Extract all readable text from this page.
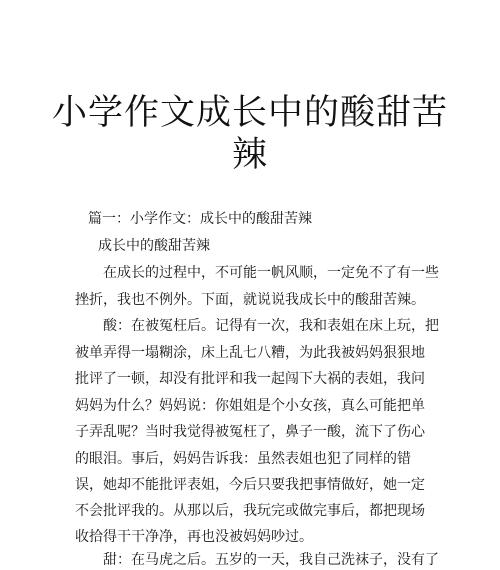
小学作文成长中的酸甜苦
辣
篇一：小学作文：成长中的酸甜苦辣
成长中的酸甜苦辣
在成长的过程中，不可能一帆风顺，一定免不了有一些
挫折，我也不例外。下面，就说说我成长中的酸甜苦辣。
酸：在被冤枉后。记得有一次，我和表姐在床上玩，把
被单弄得一塌糊涂，床上乱七八糟，为此我被妈妈狠狠地
批评了一顿，却没有批评和我一起闯下大祸的表姐，我问
妈妈为什么？妈妈说：你姐姐是个小女孩，真么可能把单
子弄乱呢？当时我觉得被冤枉了，鼻子一酸，流下了伤心
的眼泪。事后，妈妈告诉我：虽然表姐也犯了同样的错
误，她却不能批评表姐，今后只要我把事情做好，她一定
不会批评我的。从那以后，我玩完或做完事后，都把现场
收拾得干干净净，再也没被妈妈吵过。
甜：在马虎之后。五岁的一天，我自己洗袜子，没有了
